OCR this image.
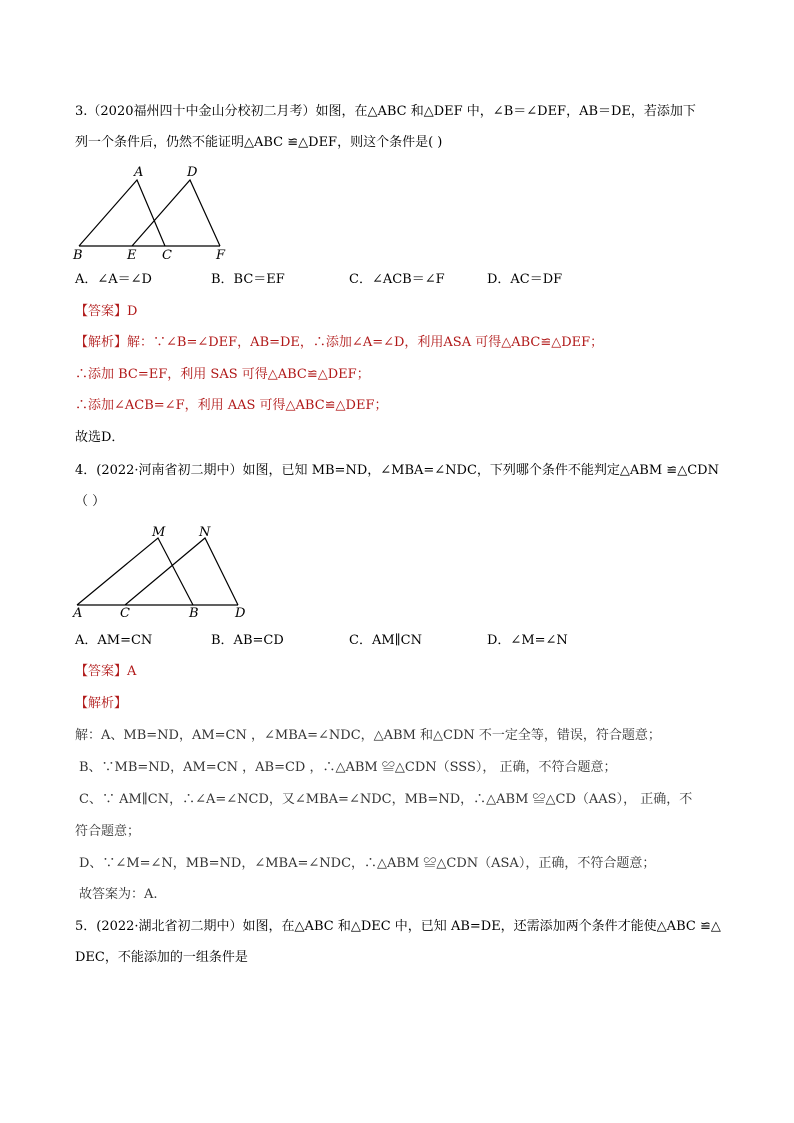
3.（2020福州四十中金山分校初二月考）如图，在△ABC 和△DEF 中，∠B＝∠DEF，AB＝DE，若添加下
列一个条件后，仍然不能证明△ABC ≌△DEF，则这个条件是( )
A	D
B	E C	F
A．∠A＝∠D	B．BC＝EF	C．∠ACB＝∠F	D．AC＝DF
【答案】D
【解析】解：∵∠B=∠DEF，AB=DE，∴添加∠A=∠D，利用ASA 可得△ABC≌△DEF；
∴添加 BC=EF，利用 SAS 可得△ABC≌△DEF；
∴添加∠ACB=∠F，利用 AAS 可得△ABC≌△DEF；
故选D．
4．(2022·河南省初二期中）如图，已知 MB=ND，∠MBA=∠NDC，下列哪个条件不能判定△ABM ≌△CDN
（ ）
M	N
A	C	B	D
A．AM=CN	B．AB=CD	C．AM∥CN	D．∠M=∠N
【答案】A
【解析】
解：A、MB=ND，AM=CN ，∠MBA=∠NDC，△ABM 和△CDN 不一定全等，错误，符合题意；
B、∵MB=ND，AM=CN ，AB=CD ，∴△ABM ≌△CDN（SSS）， 正确，不符合题意；
C、∵ AM∥CN，∴∠A=∠NCD，又∠MBA=∠NDC，MB=ND，∴△ABM ≌△CD（AAS）， 正确，不
符合题意；
D、∵∠M=∠N，MB=ND，∠MBA=∠NDC，∴△ABM ≌△CDN（ASA），正确，不符合题意；
故答案为：A.
5．(2022·湖北省初二期中）如图，在△ABC 和△DEC 中，已知 AB=DE，还需添加两个条件才能使△ABC ≌△
DEC，不能添加的一组条件是
